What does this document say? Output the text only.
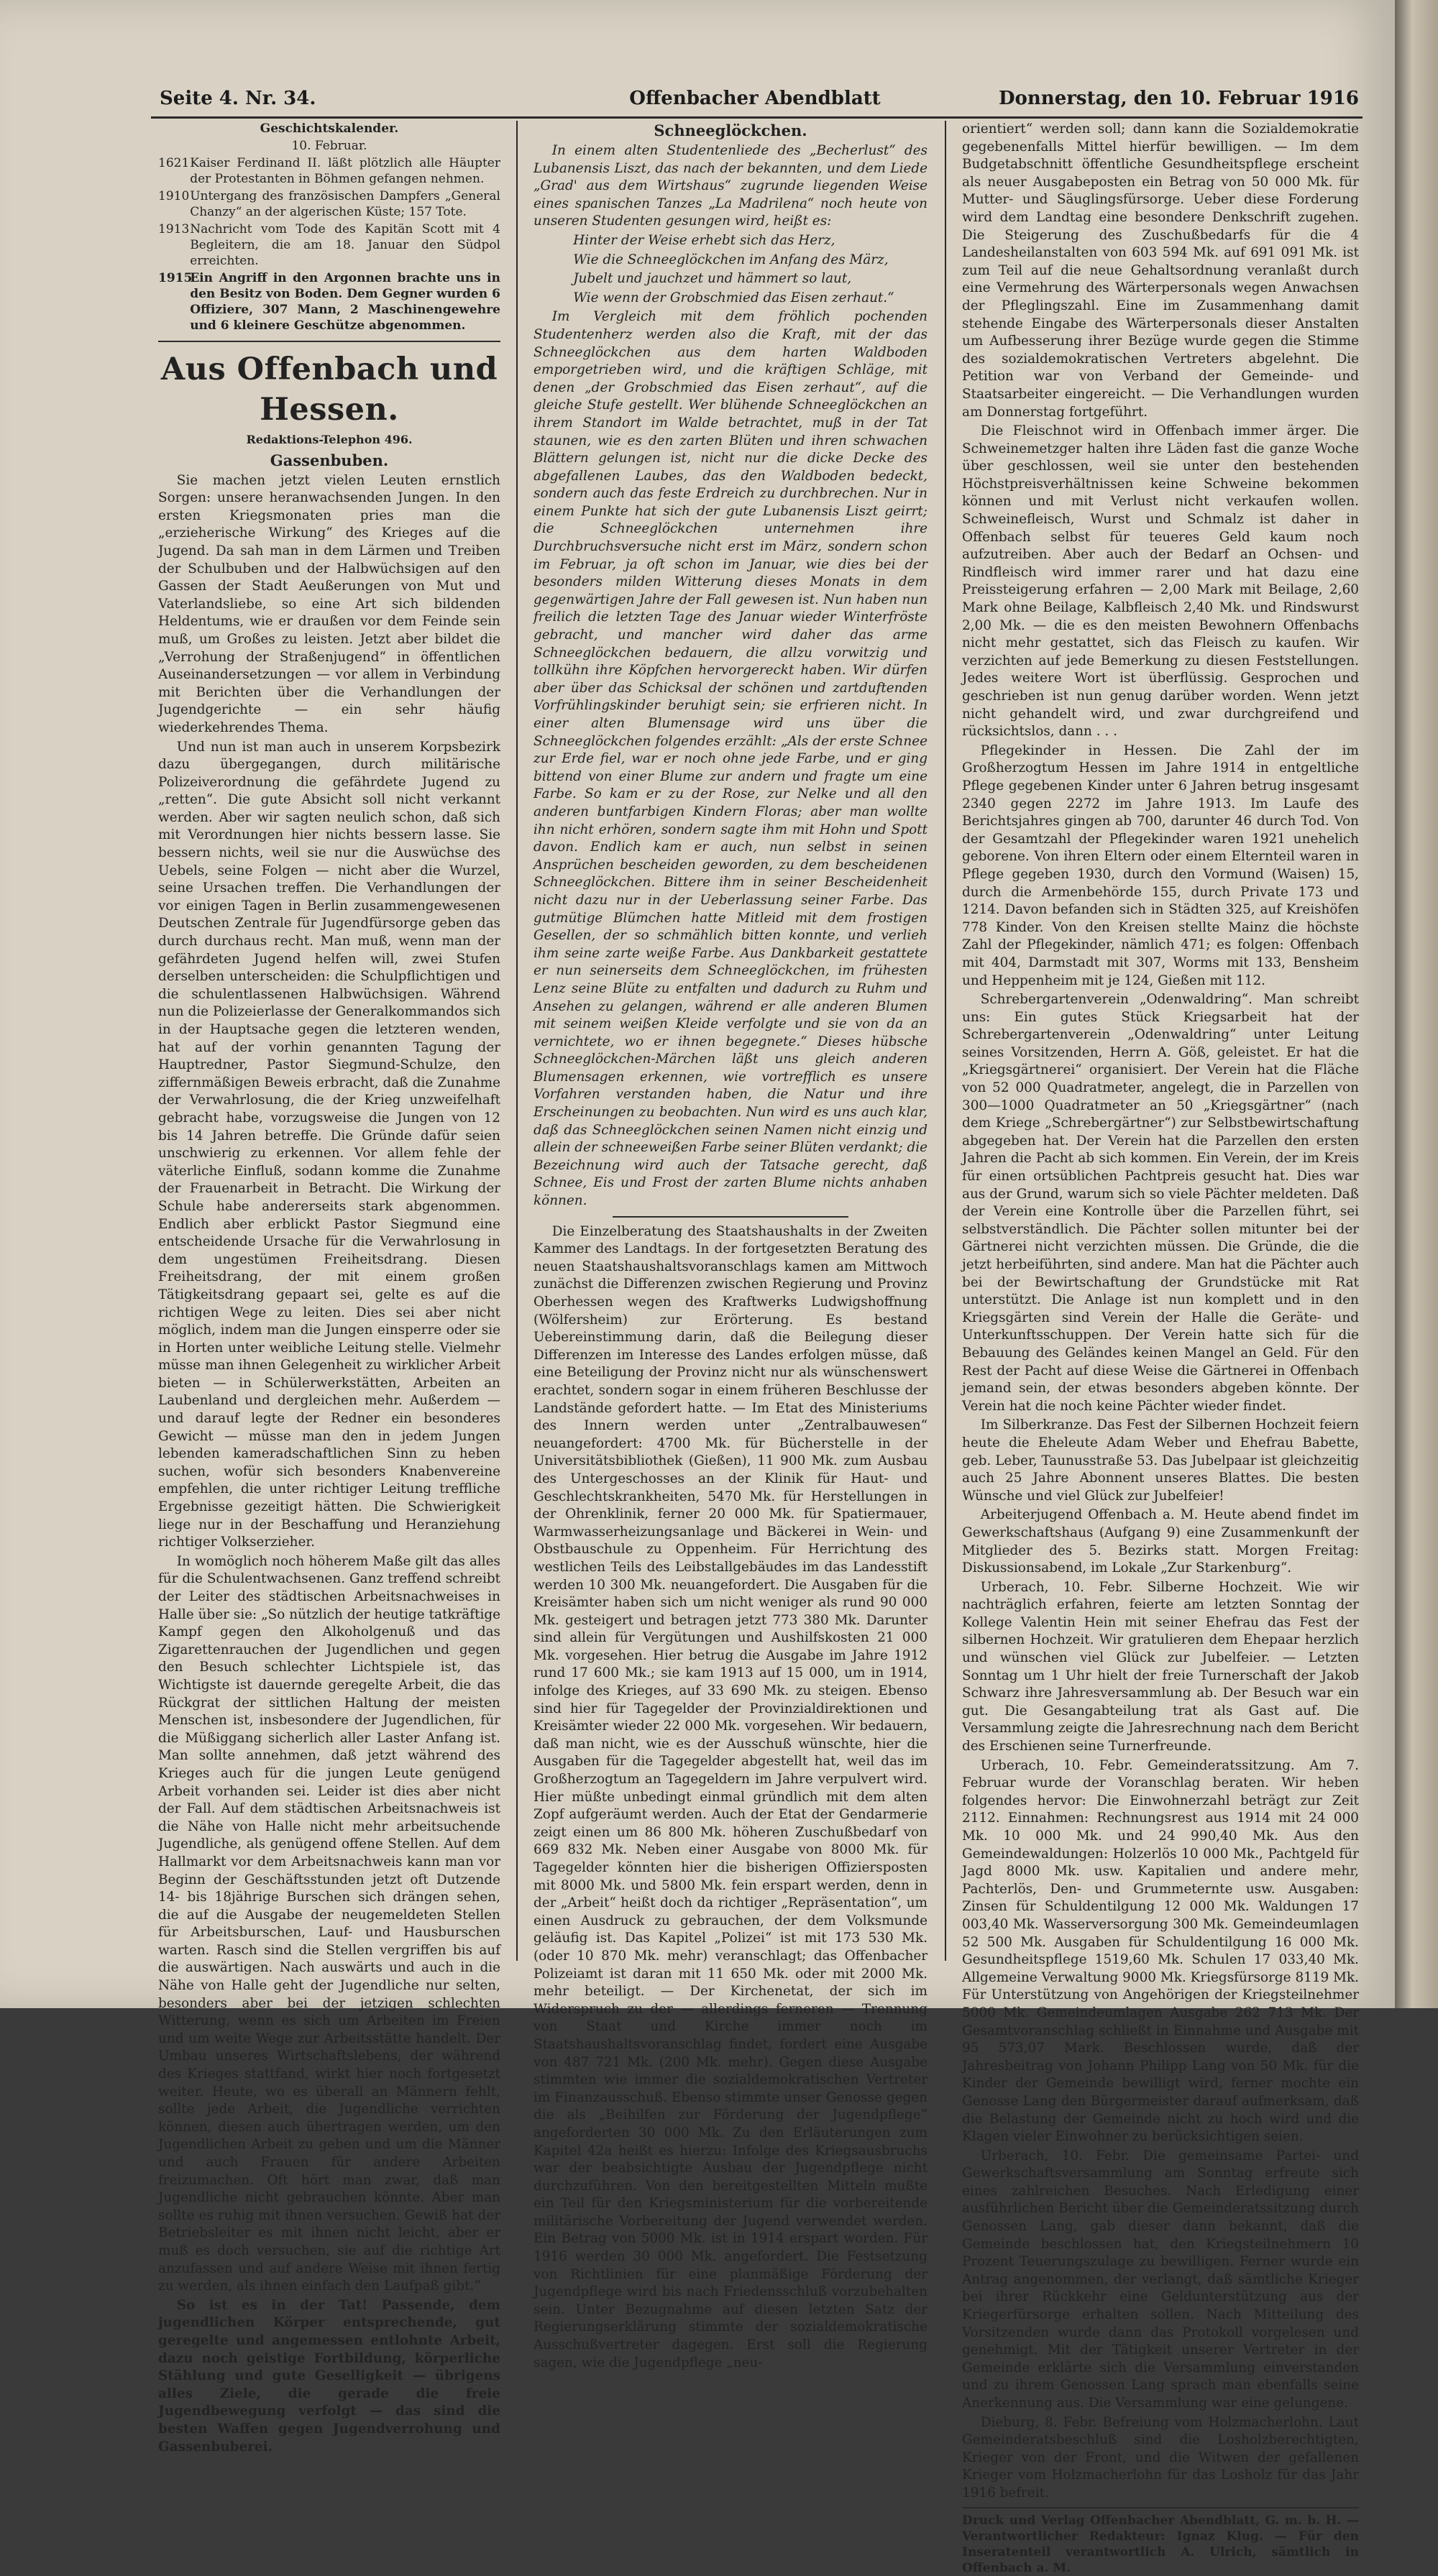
Seite 4. Nr. 34.	Offenbacher Abendblatt	Donnerstag, den 10. Februar 1916

Geschichtskalender.

10. Februar.

1621 Kaiser Ferdinand II. läßt plötzlich alle Häupter der Protestanten in Böhmen gefangen nehmen.

1910 Untergang des französischen Dampfers „General Chanzy“ an der algerischen Küste; 157 Tote.

1913 Nachricht vom Tode des Kapitän Scott mit 4 Begleitern, die am 18. Januar den Südpol erreichten.

1915
Ein Angriff in den Argonnen brachte uns in den Besitz von Boden. Dem Gegner wurden 6 Offiziere, 307 Mann, 2 Maschinengewehre und 6 kleinere Geschütze abgenommen.

Aus Offenbach und Hessen.

Redaktions-Telephon 496.

Gassenbuben.

Sie machen jetzt vielen Leuten ernstlich Sorgen: unsere heranwachsenden Jungen. In den ersten Kriegsmonaten pries man die „erzieherische Wirkung“ des Krieges auf die Jugend. Da sah man in dem Lärmen und Treiben der Schulbuben und der Halbwüchsigen auf den Gassen der Stadt Aeußerungen von Mut und Vaterlandsliebe, so eine Art sich bildenden Heldentums, wie er draußen vor dem Feinde sein muß, um Großes zu leisten. Jetzt aber bildet die „Verrohung der Straßenjugend“ in öffentlichen Auseinandersetzungen — vor allem in Verbindung mit Berichten über die Verhandlungen der Jugendgerichte — ein sehr häufig wiederkehrendes Thema.

Und nun ist man auch in unserem Korpsbezirk dazu übergegangen, durch militärische Polizeiverordnung die gefährdete Jugend zu „retten“. Die gute Absicht soll nicht verkannt werden. Aber wir sagten neulich schon, daß sich mit Verordnungen hier nichts bessern lasse. Sie bessern nichts, weil sie nur die Auswüchse des Uebels, seine Folgen — nicht aber die Wurzel, seine Ursachen treffen. Die Verhandlungen der vor einigen Tagen in Berlin zusammengewesenen Deutschen Zentrale für Jugendfürsorge geben das durch durchaus recht. Man muß, wenn man der gefährdeten Jugend helfen will, zwei Stufen derselben unterscheiden: die Schulpflichtigen und die schulentlassenen Halbwüchsigen. Während nun die Polizeierlasse der Generalkommandos sich in der Hauptsache gegen die letzteren wenden, hat auf der vorhin genannten Tagung der Hauptredner, Pastor Siegmund-Schulze, den ziffernmäßigen Beweis erbracht, daß die Zunahme der Verwahrlosung, die der Krieg unzweifelhaft gebracht habe, vorzugsweise die Jungen von 12 bis 14 Jahren betreffe. Die Gründe dafür seien unschwierig zu erkennen. Vor allem fehle der väterliche Einfluß, sodann komme die Zunahme der Frauenarbeit in Betracht. Die Wirkung der Schule habe andererseits stark abgenommen. Endlich aber erblickt Pastor Siegmund eine entscheidende Ursache für die Verwahrlosung in dem ungestümen Freiheitsdrang. Diesen Freiheitsdrang, der mit einem großen Tätigkeitsdrang gepaart sei, gelte es auf die richtigen Wege zu leiten. Dies sei aber nicht möglich, indem man die Jungen einsperre oder sie in Horten unter weibliche Leitung stelle. Vielmehr müsse man ihnen Gelegenheit zu wirklicher Arbeit bieten — in Schülerwerkstätten, Arbeiten an Laubenland und dergleichen mehr. Außerdem — und darauf legte der Redner ein besonderes Gewicht — müsse man den in jedem Jungen lebenden kameradschaftlichen Sinn zu heben suchen, wofür sich besonders Knabenvereine empfehlen, die unter richtiger Leitung treffliche Ergebnisse gezeitigt hätten. Die Schwierigkeit liege nur in der Beschaffung und Heranziehung richtiger Volkserzieher.

In womöglich noch höherem Maße gilt das alles für die Schulentwachsenen. Ganz treffend schreibt der Leiter des städtischen Arbeitsnachweises in Halle über sie: „So nützlich der heutige tatkräftige Kampf gegen den Alkoholgenuß und das Zigarettenrauchen der Jugendlichen und gegen den Besuch schlechter Lichtspiele ist, das Wichtigste ist dauernde geregelte Arbeit, die das Rückgrat der sittlichen Haltung der meisten Menschen ist, insbesondere der Jugendlichen, für die Müßiggang sicherlich aller Laster Anfang ist. Man sollte annehmen, daß jetzt während des Krieges auch für die jungen Leute genügend Arbeit vorhanden sei. Leider ist dies aber nicht der Fall. Auf dem städtischen Arbeitsnachweis ist die Nähe von Halle nicht mehr arbeitsuchende Jugendliche, als genügend offene Stellen. Auf dem Hallmarkt vor dem Arbeitsnachweis kann man vor Beginn der Geschäftsstunden jetzt oft Dutzende 14- bis 18jährige Burschen sich drängen sehen, die auf die Ausgabe der neugemeldeten Stellen für Arbeitsburschen, Lauf- und Hausburschen warten. Rasch sind die Stellen vergriffen bis auf die auswärtigen. Nach auswärts und auch in die Nähe von Halle geht der Jugendliche nur selten, besonders aber bei der jetzigen schlechten Witterung, wenn es sich um Arbeiten im Freien und um weite Wege zur Arbeitsstätte handelt. Der Umbau unseres Wirtschaftslebens, der während des Krieges stattfand, wirkt hier noch fortgesetzt weiter. Heute, wo es überall an Männern fehlt, sollte jede Arbeit, die Jugendliche verrichten können, diesen auch übertragen werden, um den Jugendlichen Arbeit zu geben und um die Männer und auch Frauen für andere Arbeiten freizumachen. Oft hört man zwar, daß man Jugendliche nicht gebrauchen könnte. Aber man sollte es ruhig mit ihnen versuchen. Gewiß hat der Betriebsleiter es mit ihnen nicht leicht, aber er muß es doch versuchen, sie auf die richtige Art anzufassen und auf andere Weise mit ihnen fertig zu werden, als ihnen einfach den Laufpaß gibt.“

So ist es in der Tat! Passende, dem jugendlichen Körper entsprechende, gut geregelte und angemessen entlohnte Arbeit, dazu noch geistige Fortbildung, körperliche Stählung und gute Geselligkeit — übrigens alles Ziele, die gerade die freie Jugendbewegung verfolgt — das sind die besten Waffen gegen Jugendverrohung und Gassenbuberei.

Schneeglöckchen.

In einem alten Studentenliede des „Becherlust“ des Lubanensis Liszt, das nach der bekannten, und dem Liede „Grad' aus dem Wirtshaus“ zugrunde liegenden Weise eines spanischen Tanzes „La Madrilena“ noch heute von unseren Studenten gesungen wird, heißt es:

Hinter der Weise erhebt sich das Herz,

Wie die Schneeglöckchen im Anfang des März,

Jubelt und jauchzet und hämmert so laut,

Wie wenn der Grobschmied das Eisen zerhaut.“

Im Vergleich mit dem fröhlich pochenden Studentenherz werden also die Kraft, mit der das Schneeglöckchen aus dem harten Waldboden emporgetrieben wird, und die kräftigen Schläge, mit denen „der Grobschmied das Eisen zerhaut“, auf die gleiche Stufe gestellt. Wer blühende Schneeglöckchen an ihrem Standort im Walde betrachtet, muß in der Tat staunen, wie es den zarten Blüten und ihren schwachen Blättern gelungen ist, nicht nur die dicke Decke des abgefallenen Laubes, das den Waldboden bedeckt, sondern auch das feste Erdreich zu durchbrechen. Nur in einem Punkte hat sich der gute Lubanensis Liszt geirrt; die Schneeglöckchen unternehmen ihre Durchbruchsversuche nicht erst im März, sondern schon im Februar, ja oft schon im Januar, wie dies bei der besonders milden Witterung dieses Monats in dem gegenwärtigen Jahre der Fall gewesen ist. Nun haben nun freilich die letzten Tage des Januar wieder Winterfröste gebracht, und mancher wird daher das arme Schneeglöckchen bedauern, die allzu vorwitzig und tollkühn ihre Köpfchen hervorgereckt haben. Wir dürfen aber über das Schicksal der schönen und zartduftenden Vorfrühlingskinder beruhigt sein; sie erfrieren nicht. In einer alten Blumensage wird uns über die Schneeglöckchen folgendes erzählt: „Als der erste Schnee zur Erde fiel, war er noch ohne jede Farbe, und er ging bittend von einer Blume zur andern und fragte um eine Farbe. So kam er zu der Rose, zur Nelke und all den anderen buntfarbigen Kindern Floras; aber man wollte ihn nicht erhören, sondern sagte ihm mit Hohn und Spott davon. Endlich kam er auch, nun selbst in seinen Ansprüchen bescheiden geworden, zu dem bescheidenen Schneeglöckchen. Bittere ihm in seiner Bescheidenheit nicht dazu nur in der Ueberlassung seiner Farbe. Das gutmütige Blümchen hatte Mitleid mit dem frostigen Gesellen, der so schmählich bitten konnte, und verlieh ihm seine zarte weiße Farbe. Aus Dankbarkeit gestattete er nun seinerseits dem Schneeglöckchen, im frühesten Lenz seine Blüte zu entfalten und dadurch zu Ruhm und Ansehen zu gelangen, während er alle anderen Blumen mit seinem weißen Kleide verfolgte und sie von da an vernichtete, wo er ihnen begegnete.“ Dieses hübsche Schneeglöckchen-Märchen läßt uns gleich anderen Blumensagen erkennen, wie vortrefflich es unsere Vorfahren verstanden haben, die Natur und ihre Erscheinungen zu beobachten. Nun wird es uns auch klar, daß das Schneeglöckchen seinen Namen nicht einzig und allein der schneeweißen Farbe seiner Blüten verdankt; die Bezeichnung wird auch der Tatsache gerecht, daß Schnee, Eis und Frost der zarten Blume nichts anhaben können.

Die Einzelberatung des Staatshaushalts in der Zweiten Kammer des Landtags. In der fortgesetzten Beratung des neuen Staatshaushaltsvoranschlags kamen am Mittwoch zunächst die Differenzen zwischen Regierung und Provinz Oberhessen wegen des Kraftwerks Ludwigshoffnung (Wölfersheim) zur Erörterung. Es bestand Uebereinstimmung darin, daß die Beilegung dieser Differenzen im Interesse des Landes erfolgen müsse, daß eine Beteiligung der Provinz nicht nur als wünschenswert erachtet, sondern sogar in einem früheren Beschlusse der Landstände gefordert hatte. — Im Etat des Ministeriums des Innern werden unter „Zentralbauwesen“ neuangefordert: 4700 Mk. für Bücherstelle in der Universitätsbibliothek (Gießen), 11 900 Mk. zum Ausbau des Untergeschosses an der Klinik für Haut- und Geschlechtskrankheiten, 5470 Mk. für Herstellungen in der Ohrenklinik, ferner 20 000 Mk. für Spatiermauer, Warmwasserheizungsanlage und Bäckerei in Wein- und Obstbauschule zu Oppenheim. Für Herrichtung des westlichen Teils des Leibstallgebäudes im das Landesstift werden 10 300 Mk. neuangefordert. Die Ausgaben für die Kreisämter haben sich um nicht weniger als rund 90 000 Mk. gesteigert und betragen jetzt 773 380 Mk. Darunter sind allein für Vergütungen und Aushilfskosten 21 000 Mk. vorgesehen. Hier betrug die Ausgabe im Jahre 1912 rund 17 600 Mk.; sie kam 1913 auf 15 000, um in 1914, infolge des Krieges, auf 33 690 Mk. zu steigen. Ebenso sind hier für Tagegelder der Provinzialdirektionen und Kreisämter wieder 22 000 Mk. vorgesehen. Wir bedauern, daß man nicht, wie es der Ausschuß wünschte, hier die Ausgaben für die Tagegelder abgestellt hat, weil das im Großherzogtum an Tagegeldern im Jahre verpulvert wird. Hier müßte unbedingt einmal gründlich mit dem alten Zopf aufgeräumt werden. Auch der Etat der Gendarmerie zeigt einen um 86 800 Mk. höheren Zuschußbedarf von 669 832 Mk. Neben einer Ausgabe von 8000 Mk. für Tagegelder könnten hier die bisherigen Offiziersposten mit 8000 Mk. und 5800 Mk. fein erspart werden, denn in der „Arbeit“ heißt doch da richtiger „Repräsentation“, um einen Ausdruck zu gebrauchen, der dem Volksmunde geläufig ist. Das Kapitel „Polizei“ ist mit 173 530 Mk. (oder 10 870 Mk. mehr) veranschlagt; das Offenbacher Polizeiamt ist daran mit 11 650 Mk. oder mit 2000 Mk. mehr beteiligt. — Der Kirchenetat, der sich im Widerspruch zu der — allerdings ferneren — Trennung von Staat und Kirche immer noch im Staatshaushaltsvoranschlag findet, fordert eine Ausgabe von 487 721 Mk. (200 Mk. mehr). Gegen diese Ausgabe stimmten wie immer die sozialdemokratischen Vertreter im Finanzausschuß. Ebenso stimmte unser Genosse gegen die als „Beihilfen zur Förderung der Jugendpflege“ angeforderten 30 000 Mk. Zu den Erläuterungen zum Kapitel 42a heißt es hierzu: Infolge des Kriegsausbruchs war der beabsichtigte Ausbau der Jugendpflege nicht durchzuführen. Von den bereitgestellten Mitteln mußte ein Teil für den Kriegsministerium für die vorbereitende militärische Vorbereitung der Jugend verwendet werden. Ein Betrag von 5000 Mk. ist in 1914 erspart worden. Für 1916 werden 30 000 Mk. angefordert. Die Festsetzung von Richtlinien für eine planmäßige Förderung der Jugendpflege wird bis nach Friedensschluß vorzubehalten sein. Unter Bezugnahme auf diesen letzten Satz der Regierungserklärung stimmte der sozialdemokratische Ausschußvertreter dagegen. Erst soll die Regierung sagen, wie die Jugendpflege „neu-

orientiert“ werden soll; dann kann die Sozialdemokratie gegebenenfalls Mittel hierfür bewilligen. — Im dem Budgetabschnitt öffentliche Gesundheitspflege erscheint als neuer Ausgabeposten ein Betrag von 50 000 Mk. für Mutter- und Säuglingsfürsorge. Ueber diese Forderung wird dem Landtag eine besondere Denkschrift zugehen. Die Steigerung des Zuschußbedarfs für die 4 Landesheilanstalten von 603 594 Mk. auf 691 091 Mk. ist zum Teil auf die neue Gehaltsordnung veranlaßt durch eine Vermehrung des Wärterpersonals wegen Anwachsen der Pfleglingszahl. Eine im Zusammenhang damit stehende Eingabe des Wärterpersonals dieser Anstalten um Aufbesserung ihrer Bezüge wurde gegen die Stimme des sozialdemokratischen Vertreters abgelehnt. Die Petition war von Verband der Gemeinde- und Staatsarbeiter eingereicht. — Die Verhandlungen wurden am Donnerstag fortgeführt.

Die Fleischnot wird in Offenbach immer ärger. Die Schweinemetzger halten ihre Läden fast die ganze Woche über geschlossen, weil sie unter den bestehenden Höchstpreisverhältnissen keine Schweine bekommen können und mit Verlust nicht verkaufen wollen. Schweinefleisch, Wurst und Schmalz ist daher in Offenbach selbst für teueres Geld kaum noch aufzutreiben. Aber auch der Bedarf an Ochsen- und Rindfleisch wird immer rarer und hat dazu eine Preissteigerung erfahren — 2,00 Mark mit Beilage, 2,60 Mark ohne Beilage, Kalbfleisch 2,40 Mk. und Rindswurst 2,00 Mk. — die es den meisten Bewohnern Offenbachs nicht mehr gestattet, sich das Fleisch zu kaufen. Wir verzichten auf jede Bemerkung zu diesen Feststellungen. Jedes weitere Wort ist überflüssig. Gesprochen und geschrieben ist nun genug darüber worden. Wenn jetzt nicht gehandelt wird, und zwar durchgreifend und rücksichtslos, dann . . .

Pflegekinder in Hessen. Die Zahl der im Großherzogtum Hessen im Jahre 1914 in entgeltliche Pflege gegebenen Kinder unter 6 Jahren betrug insgesamt 2340 gegen 2272 im Jahre 1913. Im Laufe des Berichtsjahres gingen ab 700, darunter 46 durch Tod. Von der Gesamtzahl der Pflegekinder waren 1921 unehelich geborene. Von ihren Eltern oder einem Elternteil waren in Pflege gegeben 1930, durch den Vormund (Waisen) 15, durch die Armenbehörde 155, durch Private 173 und 1214. Davon befanden sich in Städten 325, auf Kreishöfen 778 Kinder. Von den Kreisen stellte Mainz die höchste Zahl der Pflegekinder, nämlich 471; es folgen: Offenbach mit 404, Darmstadt mit 307, Worms mit 133, Bensheim und Heppenheim mit je 124, Gießen mit 112.

Schrebergartenverein „Odenwaldring“. Man schreibt uns: Ein gutes Stück Kriegsarbeit hat der Schrebergartenverein „Odenwaldring“ unter Leitung seines Vorsitzenden, Herrn A. Göß, geleistet. Er hat die „Kriegsgärtnerei“ organisiert. Der Verein hat die Fläche von 52 000 Quadratmeter, angelegt, die in Parzellen von 300—1000 Quadratmeter an 50 „Kriegsgärtner“ (nach dem Kriege „Schrebergärtner“) zur Selbstbewirtschaftung abgegeben hat. Der Verein hat die Parzellen den ersten Jahren die Pacht ab sich kommen. Ein Verein, der im Kreis für einen ortsüblichen Pachtpreis gesucht hat. Dies war aus der Grund, warum sich so viele Pächter meldeten. Daß der Verein eine Kontrolle über die Parzellen führt, sei selbstverständlich. Die Pächter sollen mitunter bei der Gärtnerei nicht verzichten müssen. Die Gründe, die die jetzt herbeiführten, sind andere. Man hat die Pächter auch bei der Bewirtschaftung der Grundstücke mit Rat unterstützt. Die Anlage ist nun komplett und in den Kriegsgärten sind Verein der Halle die Geräte- und Unterkunftsschuppen. Der Verein hatte sich für die Bebauung des Geländes keinen Mangel an Geld. Für den Rest der Pacht auf diese Weise die Gärtnerei in Offenbach jemand sein, der etwas besonders abgeben könnte. Der Verein hat die noch keine Pächter wieder findet.

Im Silberkranze. Das Fest der Silbernen Hochzeit feiern heute die Eheleute Adam Weber und Ehefrau Babette, geb. Leber, Taunusstraße 53. Das Jubelpaar ist gleichzeitig auch 25 Jahre Abonnent unseres Blattes. Die besten Wünsche und viel Glück zur Jubelfeier!

Arbeiterjugend Offenbach a. M. Heute abend findet im Gewerkschaftshaus (Aufgang 9) eine Zusammenkunft der Mitglieder des 5. Bezirks statt. Morgen Freitag: Diskussionsabend, im Lokale „Zur Starkenburg“.

Urberach, 10. Febr. Silberne Hochzeit. Wie wir nachträglich erfahren, feierte am letzten Sonntag der Kollege Valentin Hein mit seiner Ehefrau das Fest der silbernen Hochzeit. Wir gratulieren dem Ehepaar herzlich und wünschen viel Glück zur Jubelfeier. — Letzten Sonntag um 1 Uhr hielt der freie Turnerschaft der Jakob Schwarz ihre Jahresversammlung ab. Der Besuch war ein gut. Die Gesangabteilung trat als Gast auf. Die Versammlung zeigte die Jahresrechnung nach dem Bericht des Erschienen seine Turnerfreunde.

Urberach, 10. Febr. Gemeinderatssitzung. Am 7. Februar wurde der Voranschlag beraten. Wir heben folgendes hervor: Die Einwohnerzahl beträgt zur Zeit 2112. Einnahmen: Rechnungsrest aus 1914 mit 24 000 Mk. 10 000 Mk. und 24 990,40 Mk. Aus den Gemeindewaldungen: Holzerlös 10 000 Mk., Pachtgeld für Jagd 8000 Mk. usw. Kapitalien und andere mehr, Pachterlös, Den- und Grummeternte usw. Ausgaben: Zinsen für Schuldentilgung 12 000 Mk. Waldungen 17 003,40 Mk. Wasserversorgung 300 Mk. Gemeindeumlagen 52 500 Mk. Ausgaben für Schuldentilgung 16 000 Mk. Gesundheitspflege 1519,60 Mk. Schulen 17 033,40 Mk. Allgemeine Verwaltung 9000 Mk. Kriegsfürsorge 8119 Mk. Für Unterstützung von Angehörigen der Kriegsteilnehmer 5000 Mk. Gemeindeumlagen Ausgabe 262 713 Mk. Der Gesamtvoranschlag schließt in Einnahme und Ausgabe mit 95 573,07 Mark. Beschlossen wurde, daß der Jahresbeitrag von Johann Philipp Lang von 50 Mk. für die Kinder der Gemeinde bewilligt wird, ferner mochte ein Genosse Lang den Bürgermeister darauf aufmerksam, daß die Belastung der Gemeinde nicht zu hoch wird und die Klagen vieler Einwohner zu berücksichtigen seien.

Urberach, 10. Febr. Die gemeinsame Partei- und Gewerkschaftsversammlung am Sonntag erfreute sich eines zahlreichen Besuches. Nach Erledigung einer ausführlichen Bericht über die Gemeinderatssitzung durch Genossen Lang, gab dieser dann bekannt, daß die Gemeinde beschlossen hat, den Kriegsteilnehmern 10 Prozent Teuerungszulage zu bewilligen. Ferner wurde ein Antrag angenommen, der verlangt, daß sämtliche Krieger bei ihrer Rückkehr eine Geldunterstützung aus der Kriegerfürsorge erhalten sollen. Nach Mitteilung des Vorsitzenden wurde dann das Protokoll vorgelesen und genehmigt. Mit der Tätigkeit unserer Vertreter in der Gemeinde erklärte sich die Versammlung einverstanden und zu ihrem Genossen Lang sprach man ebenfalls seine Anerkennung aus. Die Versammlung war eine gelungene.

Dieburg, 8. Febr. Befreiung vom Holzmacherlohn. Laut Gemeinderatsbeschluß sind die Losholzberechtigten, Krieger von der Front, und die Witwen der gefallenen Krieger vom Holzmacherlohn für das Losholz für das Jahr 1916 befreit.

Druck und Verlag Offenbacher Abendblatt, G. m. b. H. — Verantwortlicher Redakteur: Ignaz Klug. — Für den Inseratenteil verantwortlich A. Ulrich, sämtlich in Offenbach a. M.
